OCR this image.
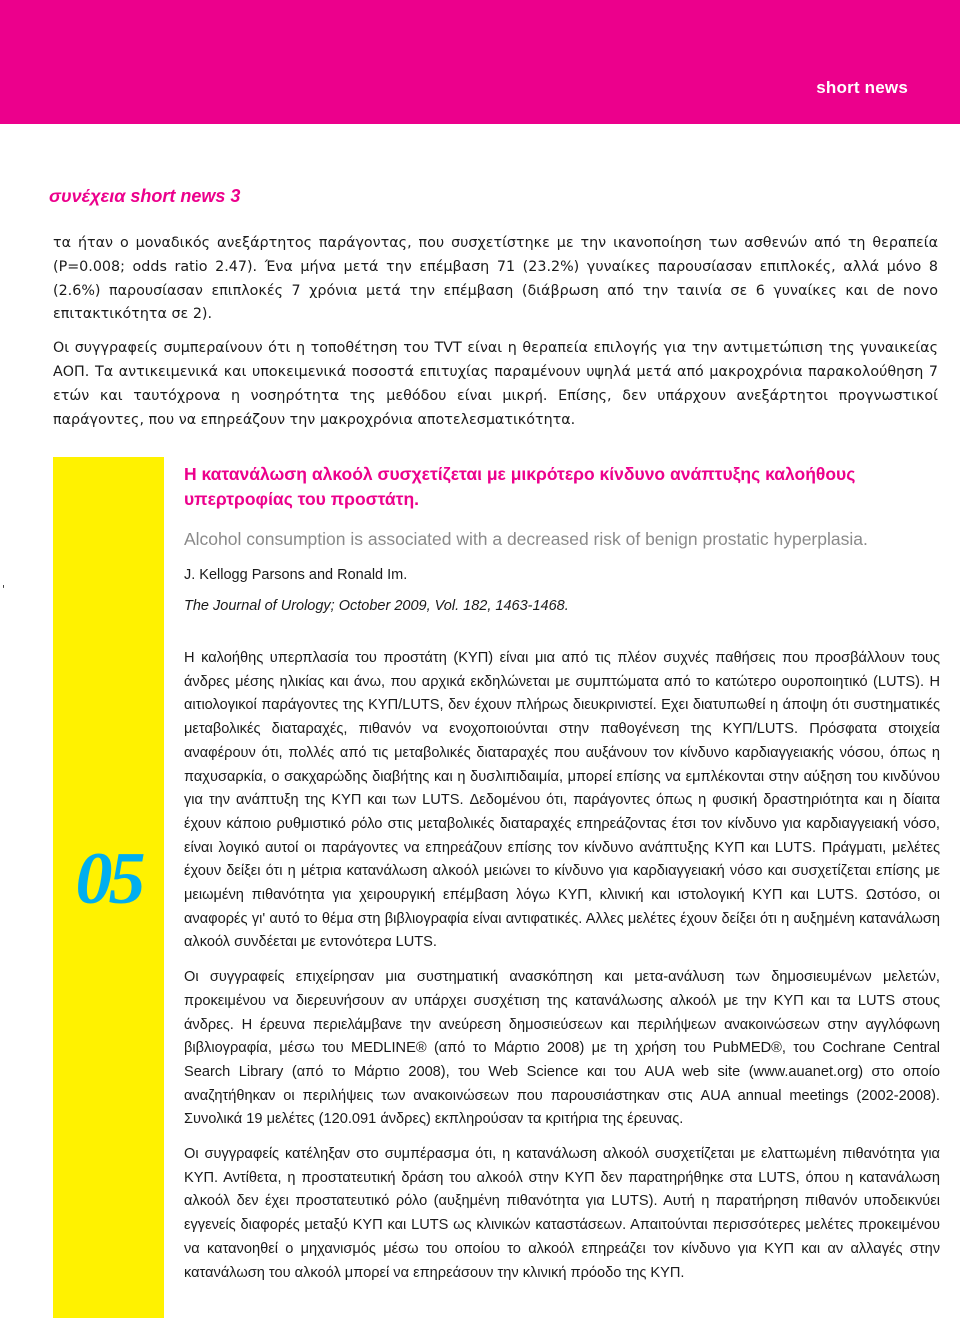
short news
συνέχεια short news 3

τα ήταν ο μοναδικός ανεξάρτητος παράγοντας, που συσχετίστηκε με την ικανοποίηση των ασθενών από τη θεραπεία (P=0.008; odds ratio 2.47). Ένα μήνα μετά την επέμβαση 71 (23.2%) γυναίκες παρουσίασαν επιπλοκές, αλλά μόνο 8 (2.6%) παρουσίασαν επιπλοκές 7 χρόνια μετά την επέμβαση (διάβρωση από την ταινία σε 6 γυναίκες και de novo επιτακτικότητα σε 2).

Οι συγγραφείς συμπεραίνουν ότι η τοποθέτηση του TVT είναι η θεραπεία επιλογής για την αντιμετώπιση της γυναικείας ΑΟΠ. Τα αντικειμενικά και υποκειμενικά ποσοστά επιτυχίας παραμένουν υψηλά μετά από μακροχρόνια παρακολούθηση 7 ετών και ταυτόχρονα η νοσηρότητα της μεθόδου είναι μικρή. Επίσης, δεν υπάρχουν ανεξάρτητοι προγνωστικοί παράγοντες, που να επηρεάζουν την μακροχρόνια αποτελεσματικότητα.

'
05
Η κατανάλωση αλκοόλ συσχετίζεται με μικρότερο κίνδυνο ανάπτυξης καλοήθους υπερτροφίας του προστάτη.

Alcohol consumption is associated with a decreased risk of benign prostatic hyperplasia.

J. Kellogg Parsons and Ronald Im.

The Journal of Urology; October 2009, Vol. 182, 1463-1468.

Η καλοήθης υπερπλασία του προστάτη (ΚΥΠ) είναι μια από τις πλέον συχνές παθήσεις που προσβάλλουν τους άνδρες μέσης ηλικίας και άνω, που αρχικά εκδηλώνεται με συμπτώματα από το κατώτερο ουροποιητικό (LUTS). Η αιτιολογικοί παράγοντες της ΚΥΠ/LUTS, δεν έχουν πλήρως διευκρινιστεί. Εχει διατυπωθεί η άποψη ότι συστηματικές μεταβολικές διαταραχές, πιθανόν να ενοχοποιούνται στην παθογένεση της ΚΥΠ/LUTS. Πρόσφατα στοιχεία αναφέρουν ότι, πολλές από τις μεταβολικές διαταραχές που αυξάνουν τον κίνδυνο καρδιαγγειακής νόσου, όπως η παχυσαρκία, ο σακχαρώδης διαβήτης και η δυσλιπιδαιμία, μπορεί επίσης να εμπλέκονται στην αύξηση του κινδύνου για την ανάπτυξη της ΚΥΠ και των LUTS. Δεδομένου ότι, παράγοντες όπως η φυσική δραστηριότητα και η δίαιτα έχουν κάποιο ρυθμιστικό ρόλο στις μεταβολικές διαταραχές επηρεάζοντας έτσι τον κίνδυνο για καρδιαγγειακή νόσο, είναι λογικό αυτοί οι παράγοντες να επηρεάζουν επίσης τον κίνδυνο ανάπτυξης ΚΥΠ και LUTS. Πράγματι, μελέτες έχουν δείξει ότι η μέτρια κατανάλωση αλκοόλ μειώνει το κίνδυνο για καρδιαγγειακή νόσο και συσχετίζεται επίσης με μειωμένη πιθανότητα για χειρουργική επέμβαση λόγω ΚΥΠ, κλινική και ιστολογική ΚΥΠ και LUTS. Ωστόσο, οι αναφορές γι' αυτό το θέμα στη βιβλιογραφία είναι αντιφατικές. Αλλες μελέτες έχουν δείξει ότι η αυξημένη κατανάλωση αλκοόλ συνδέεται με εντονότερα LUTS.

Οι συγγραφείς επιχείρησαν μια συστηματική ανασκόπηση και μετα-ανάλυση των δημοσιευμένων μελετών, προκειμένου να διερευνήσουν αν υπάρχει συσχέτιση της κατανάλωσης αλκοόλ με την ΚΥΠ και τα LUTS στους άνδρες. Η έρευνα περιελάμβανε την ανεύρεση δημοσιεύσεων και περιλήψεων ανακοινώσεων στην αγγλόφωνη βιβλιογραφία, μέσω του MEDLINE® (από το Μάρτιο 2008) με τη χρήση του PubMED®, του Cochrane Central Search Library (από το Μάρτιο 2008), του Web Science και του AUA web site (www.auanet.org) στο οποίο αναζητήθηκαν οι περιλήψεις των ανακοινώσεων που παρουσιάστηκαν στις AUA annual meetings (2002-2008). Συνολικά 19 μελέτες (120.091 άνδρες) εκπληρούσαν τα κριτήρια της έρευνας.

Οι συγγραφείς κατέληξαν στο συμπέρασμα ότι, η κατανάλωση αλκοόλ συσχετίζεται με ελαττωμένη πιθανότητα για ΚΥΠ. Αντίθετα, η προστατευτική δράση του αλκοόλ στην ΚΥΠ δεν παρατηρήθηκε στα LUTS, όπου η κατανάλωση αλκοόλ δεν έχει προστατευτικό ρόλο (αυξημένη πιθανότητα για LUTS). Αυτή η παρατήρηση πιθανόν υποδεικνύει εγγενείς διαφορές μεταξύ ΚΥΠ και LUTS ως κλινικών καταστάσεων. Απαιτούνται περισσότερες μελέτες προκειμένου να κατανοηθεί ο μηχανισμός μέσω του οποίου το αλκοόλ επηρεάζει τον κίνδυνο για ΚΥΠ και αν αλλαγές στην κατανάλωση του αλκοόλ μπορεί να επηρεάσουν την κλινική πρόοδο της ΚΥΠ.
